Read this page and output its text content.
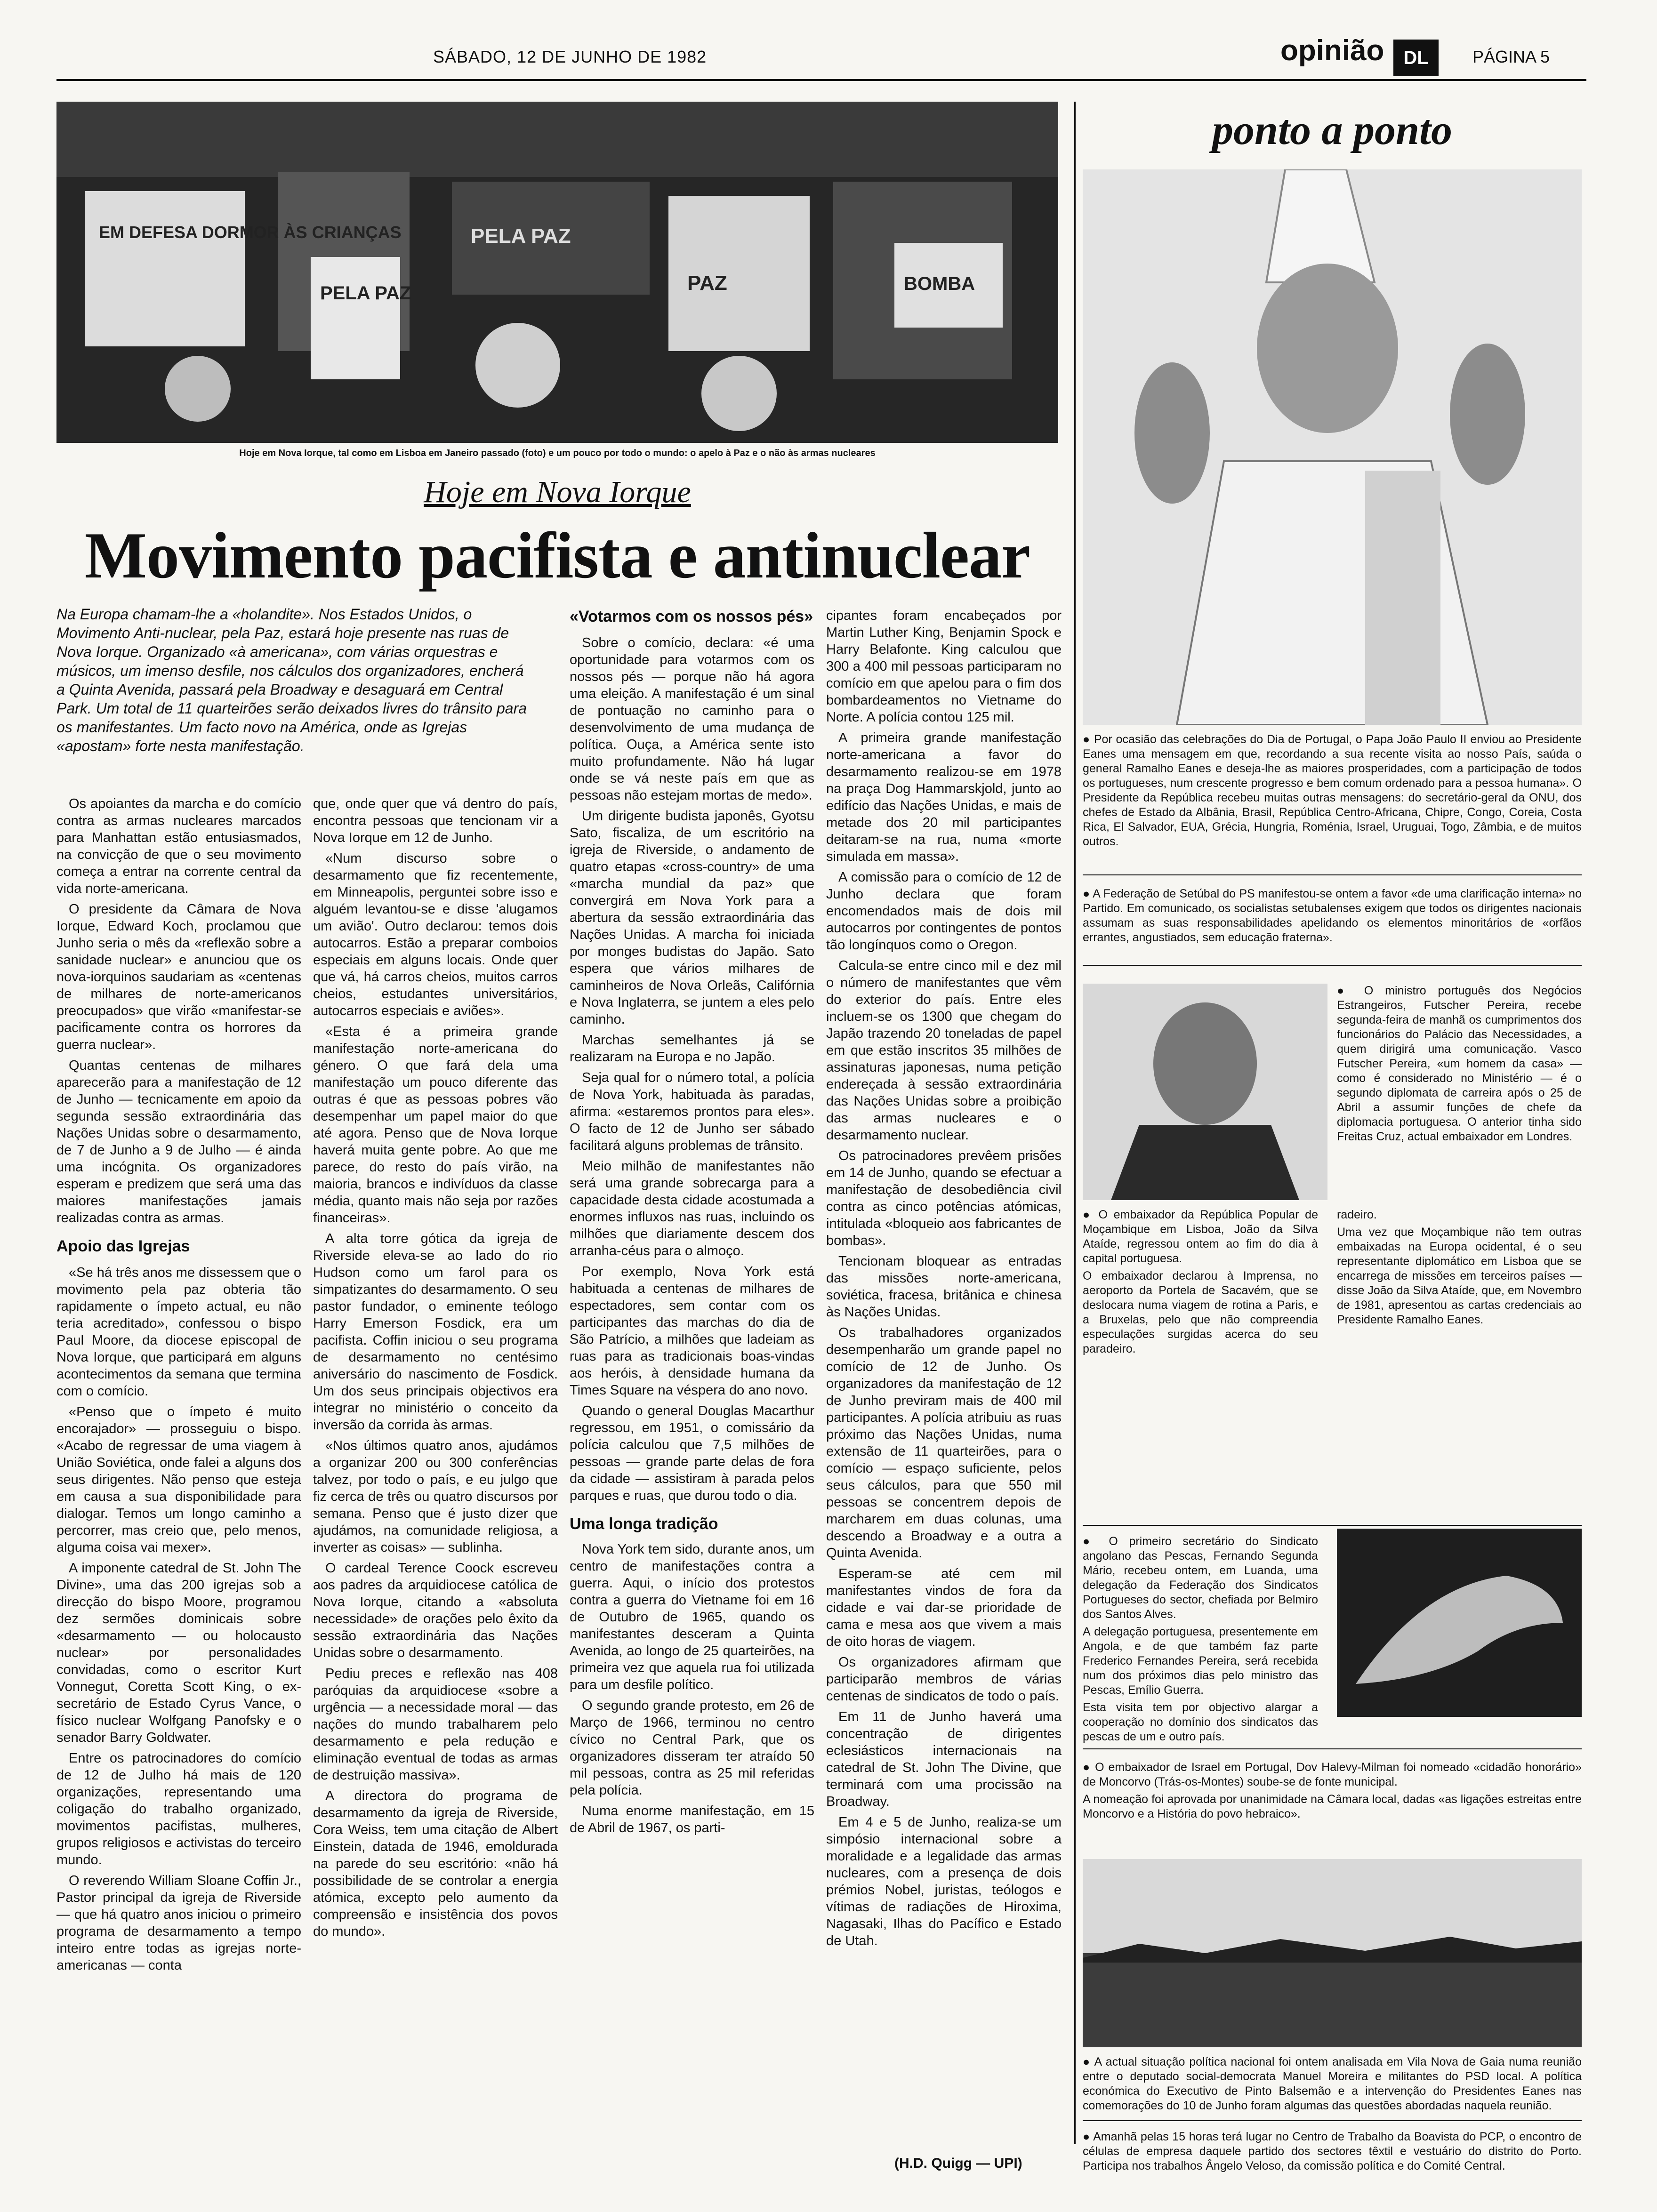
SÁBADO, 12 DE JUNHO DE 1982	opinião	DL	PÁGINA 5
EM DEFESA DORMOR ÀS CRIANÇAS
PELA PAZ	PAZ	BOMBA
PELA PAZ
Hoje em Nova Iorque, tal como em Lisboa em Janeiro passado (foto) e um pouco por todo o mundo: o apelo à Paz e o não às armas nucleares
Hoje em Nova Iorque
Movimento pacifista e antinuclear
Na Europa chamam-lhe a «holandite». Nos Estados Unidos, o Movimento Anti-nuclear, pela Paz, estará hoje presente nas ruas de Nova Iorque. Organizado «à americana», com várias orquestras e músicos, um imenso desfile, nos cálculos dos organizadores, encherá a Quinta Avenida, passará pela Broadway e desaguará em Central Park. Um total de 11 quarteirões serão deixados livres do trânsito para os manifestantes. Um facto novo na América, onde as Igrejas «apostam» forte nesta manifestação.

Os apoiantes da marcha e do comício contra as armas nucleares marcados para Manhattan estão entusiasmados, na convicção de que o seu movimento começa a entrar na corrente central da vida norte-americana.

O presidente da Câmara de Nova Iorque, Edward Koch, proclamou que Junho seria o mês da «reflexão sobre a sanidade nuclear» e anunciou que os nova-iorquinos saudariam as «centenas de milhares de norte-americanos preocupados» que virão «manifestar-se pacificamente contra os horrores da guerra nuclear».

Quantas centenas de milhares aparecerão para a manifestação de 12 de Junho — tecnicamente em apoio da segunda sessão extraordinária das Nações Unidas sobre o desarmamento, de 7 de Junho a 9 de Julho — é ainda uma incógnita. Os organizadores esperam e predizem que será uma das maiores manifestações jamais realizadas contra as armas.

Apoio das Igrejas

«Se há três anos me dissessem que o movimento pela paz obteria tão rapidamente o ímpeto actual, eu não teria acreditado», confessou o bispo Paul Moore, da diocese episcopal de Nova Iorque, que participará em alguns acontecimentos da semana que termina com o comício.

«Penso que o ímpeto é muito encorajador» — prosseguiu o bispo. «Acabo de regressar de uma viagem à União Soviética, onde falei a alguns dos seus dirigentes. Não penso que esteja em causa a sua disponibilidade para dialogar. Temos um longo caminho a percorrer, mas creio que, pelo menos, alguma coisa vai mexer».

A imponente catedral de St. John The Divine», uma das 200 igrejas sob a direcção do bispo Moore, programou dez sermões dominicais sobre «desarmamento — ou holocausto nuclear» por personalidades convidadas, como o escritor Kurt Vonnegut, Coretta Scott King, o ex-secretário de Estado Cyrus Vance, o físico nuclear Wolfgang Panofsky e o senador Barry Goldwater.

Entre os patrocinadores do comício de 12 de Julho há mais de 120 organizações, representando uma coligação do trabalho organizado, movimentos pacifistas, mulheres, grupos religiosos e activistas do terceiro mundo.

O reverendo William Sloane Coffin Jr., Pastor principal da igreja de Riverside — que há quatro anos iniciou o primeiro programa de desarmamento a tempo inteiro entre todas as igrejas norte-americanas — conta

que, onde quer que vá dentro do país, encontra pessoas que tencionam vir a Nova Iorque em 12 de Junho.

«Num discurso sobre o desarmamento que fiz recentemente, em Minneapolis, perguntei sobre isso e alguém levantou-se e disse 'alugamos um avião'. Outro declarou: temos dois autocarros. Estão a preparar comboios especiais em alguns locais. Onde quer que vá, há carros cheios, muitos carros cheios, estudantes universitários, autocarros especiais e aviões».

«Esta é a primeira grande manifestação norte-americana do género. O que fará dela uma manifestação um pouco diferente das outras é que as pessoas pobres vão desempenhar um papel maior do que até agora. Penso que de Nova Iorque haverá muita gente pobre. Ao que me parece, do resto do país virão, na maioria, brancos e indivíduos da classe média, quanto mais não seja por razões financeiras».

A alta torre gótica da igreja de Riverside eleva-se ao lado do rio Hudson como um farol para os simpatizantes do desarmamento. O seu pastor fundador, o eminente teólogo Harry Emerson Fosdick, era um pacifista. Coffin iniciou o seu programa de desarmamento no centésimo aniversário do nascimento de Fosdick. Um dos seus principais objectivos era integrar no ministério o conceito da inversão da corrida às armas.

«Nos últimos quatro anos, ajudámos a organizar 200 ou 300 conferências talvez, por todo o país, e eu julgo que fiz cerca de três ou quatro discursos por semana. Penso que é justo dizer que ajudámos, na comunidade religiosa, a inverter as coisas» — sublinha.

O cardeal Terence Coock escreveu aos padres da arquidiocese católica de Nova Iorque, citando a «absoluta necessidade» de orações pelo êxito da sessão extraordinária das Nações Unidas sobre o desarmamento.

Pediu preces e reflexão nas 408 paróquias da arquidiocese «sobre a urgência — a necessidade moral — das nações do mundo trabalharem pelo desarmamento e pela redução e eliminação eventual de todas as armas de destruição massiva».

A directora do programa de desarmamento da igreja de Riverside, Cora Weiss, tem uma citação de Albert Einstein, datada de 1946, emoldurada na parede do seu escritório: «não há possibilidade de se controlar a energia atómica, excepto pelo aumento da compreensão e insistência dos povos do mundo».

«Votarmos com os nossos pés»

Sobre o comício, declara: «é uma oportunidade para votarmos com os nossos pés — porque não há agora uma eleição. A manifestação é um sinal de pontuação no caminho para o desenvolvimento de uma mudança de política. Ouça, a América sente isto muito profundamente. Não há lugar onde se vá neste país em que as pessoas não estejam mortas de medo».

Um dirigente budista japonês, Gyotsu Sato, fiscaliza, de um escritório na igreja de Riverside, o andamento de quatro etapas «cross-country» de uma «marcha mundial da paz» que convergirá em Nova York para a abertura da sessão extraordinária das Nações Unidas. A marcha foi iniciada por monges budistas do Japão. Sato espera que vários milhares de caminheiros de Nova Orleãs, Califórnia e Nova Inglaterra, se juntem a eles pelo caminho.

Marchas semelhantes já se realizaram na Europa e no Japão.

Seja qual for o número total, a polícia de Nova York, habituada às paradas, afirma: «estaremos prontos para eles». O facto de 12 de Junho ser sábado facilitará alguns problemas de trânsito.

Meio milhão de manifestantes não será uma grande sobrecarga para a capacidade desta cidade acostumada a enormes influxos nas ruas, incluindo os milhões que diariamente descem dos arranha-céus para o almoço.

Por exemplo, Nova York está habituada a centenas de milhares de espectadores, sem contar com os participantes das marchas do dia de São Patrício, a milhões que ladeiam as ruas para as tradicionais boas-vindas aos heróis, à densidade humana da Times Square na véspera do ano novo.

Quando o general Douglas Macarthur regressou, em 1951, o comissário da polícia calculou que 7,5 milhões de pessoas — grande parte delas de fora da cidade — assistiram à parada pelos parques e ruas, que durou todo o dia.

Uma longa tradição

Nova York tem sido, durante anos, um centro de manifestações contra a guerra. Aqui, o início dos protestos contra a guerra do Vietname foi em 16 de Outubro de 1965, quando os manifestantes desceram a Quinta Avenida, ao longo de 25 quarteirões, na primeira vez que aquela rua foi utilizada para um desfile político.

O segundo grande protesto, em 26 de Março de 1966, terminou no centro cívico no Central Park, que os organizadores disseram ter atraído 50 mil pessoas, contra as 25 mil referidas pela polícia.

Numa enorme manifestação, em 15 de Abril de 1967, os parti-

cipantes foram encabeçados por Martin Luther King, Benjamin Spock e Harry Belafonte. King calculou que 300 a 400 mil pessoas participaram no comício em que apelou para o fim dos bombardeamentos no Vietname do Norte. A polícia contou 125 mil.

A primeira grande manifestação norte-americana a favor do desarmamento realizou-se em 1978 na praça Dog Hammarskjold, junto ao edifício das Nações Unidas, e mais de metade dos 20 mil participantes deitaram-se na rua, numa «morte simulada em massa».

A comissão para o comício de 12 de Junho declara que foram encomendados mais de dois mil autocarros por contingentes de pontos tão longínquos como o Oregon.

Calcula-se entre cinco mil e dez mil o número de manifestantes que vêm do exterior do país. Entre eles incluem-se os 1300 que chegam do Japão trazendo 20 toneladas de papel em que estão inscritos 35 milhões de assinaturas japonesas, numa petição endereçada à sessão extraordinária das Nações Unidas sobre a proibição das armas nucleares e o desarmamento nuclear.

Os patrocinadores prevêem prisões em 14 de Junho, quando se efectuar a manifestação de desobediência civil contra as cinco potências atómicas, intitulada «bloqueio aos fabricantes de bombas».

Tencionam bloquear as entradas das missões norte-americana, soviética, fracesa, britânica e chinesa às Nações Unidas.

Os trabalhadores organizados desempenharão um grande papel no comício de 12 de Junho. Os organizadores da manifestação de 12 de Junho previram mais de 400 mil participantes. A polícia atribuiu as ruas próximo das Nações Unidas, numa extensão de 11 quarteirões, para o comício — espaço suficiente, pelos seus cálculos, para que 550 mil pessoas se concentrem depois de marcharem em duas colunas, uma descendo a Broadway e a outra a Quinta Avenida.

Esperam-se até cem mil manifestantes vindos de fora da cidade e vai dar-se prioridade de cama e mesa aos que vivem a mais de oito horas de viagem.

Os organizadores afirmam que participarão membros de várias centenas de sindicatos de todo o país.

Em 11 de Junho haverá uma concentração de dirigentes eclesiásticos internacionais na catedral de St. John The Divine, que terminará com uma procissão na Broadway.

Em 4 e 5 de Junho, realiza-se um simpósio internacional sobre a moralidade e a legalidade das armas nucleares, com a presença de dois prémios Nobel, juristas, teólogos e vítimas de radiações de Hiroxima, Nagasaki, Ilhas do Pacífico e Estado de Utah.

(H.D. Quigg — UPI)
ponto a ponto
● Por ocasião das celebrações do Dia de Portugal, o Papa João Paulo II enviou ao Presidente Eanes uma mensagem em que, recordando a sua recente visita ao nosso País, saúda o general Ramalho Eanes e deseja-lhe as maiores prosperidades, com a participação de todos os portugueses, num crescente progresso e bem comum ordenado para a pessoa humana». O Presidente da República recebeu muitas outras mensagens: do secretário-geral da ONU, dos chefes de Estado da Albânia, Brasil, República Centro-Africana, Chipre, Congo, Coreia, Costa Rica, El Salvador, EUA, Grécia, Hungria, Roménia, Israel, Uruguai, Togo, Zâmbia, e de muitos outros.
● A Federação de Setúbal do PS manifestou-se ontem a favor «de uma clarificação interna» no Partido. Em comunicado, os socialistas setubalenses exigem que todos os dirigentes nacionais assumam as suas responsabilidades apelidando os elementos minoritários de «orfãos errantes, angustiados, sem educação fraterna».
● O ministro português dos Negócios Estrangeiros, Futscher Pereira, recebe segunda-feira de manhã os cumprimentos dos funcionários do Palácio das Necessidades, a quem dirigirá uma comunicação. Vasco Futscher Pereira, «um homem da casa» — como é considerado no Ministério — é o segundo diplomata de carreira após o 25 de Abril a assumir funções de chefe da diplomacia portuguesa. O anterior tinha sido Freitas Cruz, actual embaixador em Londres.

● O embaixador da República Popular de Moçambique em Lisboa, João da Silva Ataíde, regressou ontem ao fim do dia à capital portuguesa.

O embaixador declarou à Imprensa, no aeroporto da Portela de Sacavém, que se deslocara numa viagem de rotina a Paris, e a Bruxelas, pelo que não compreendia especulações surgidas acerca do seu paradeiro.

radeiro.

Uma vez que Moçambique não tem outras embaixadas na Europa ocidental, é o seu representante diplomático em Lisboa que se encarrega de missões em terceiros países — disse João da Silva Ataíde, que, em Novembro de 1981, apresentou as cartas credenciais ao Presidente Ramalho Eanes.

● O primeiro secretário do Sindicato angolano das Pescas, Fernando Segunda Mário, recebeu ontem, em Luanda, uma delegação da Federação dos Sindicatos Portugueses do sector, chefiada por Belmiro dos Santos Alves.

A delegação portuguesa, presentemente em Angola, e de que também faz parte Frederico Fernandes Pereira, será recebida num dos próximos dias pelo ministro das Pescas, Emílio Guerra.

Esta visita tem por objectivo alargar a cooperação no domínio dos sindicatos das pescas de um e outro país.

● O embaixador de Israel em Portugal, Dov Halevy-Milman foi nomeado «cidadão honorário» de Moncorvo (Trás-os-Montes) soube-se de fonte municipal.

A nomeação foi aprovada por unanimidade na Câmara local, dadas «as ligações estreitas entre Moncorvo e a História do povo hebraico».

● A actual situação política nacional foi ontem analisada em Vila Nova de Gaia numa reunião entre o deputado social-democrata Manuel Moreira e militantes do PSD local. A política económica do Executivo de Pinto Balsemão e a intervenção do Presidentes Eanes nas comemorações do 10 de Junho foram algumas das questões abordadas naquela reunião.
● Amanhã pelas 15 horas terá lugar no Centro de Trabalho da Boavista do PCP, o encontro de células de empresa daquele partido dos sectores têxtil e vestuário do distrito do Porto. Participa nos trabalhos Ângelo Veloso, da comissão política e do Comité Central.
